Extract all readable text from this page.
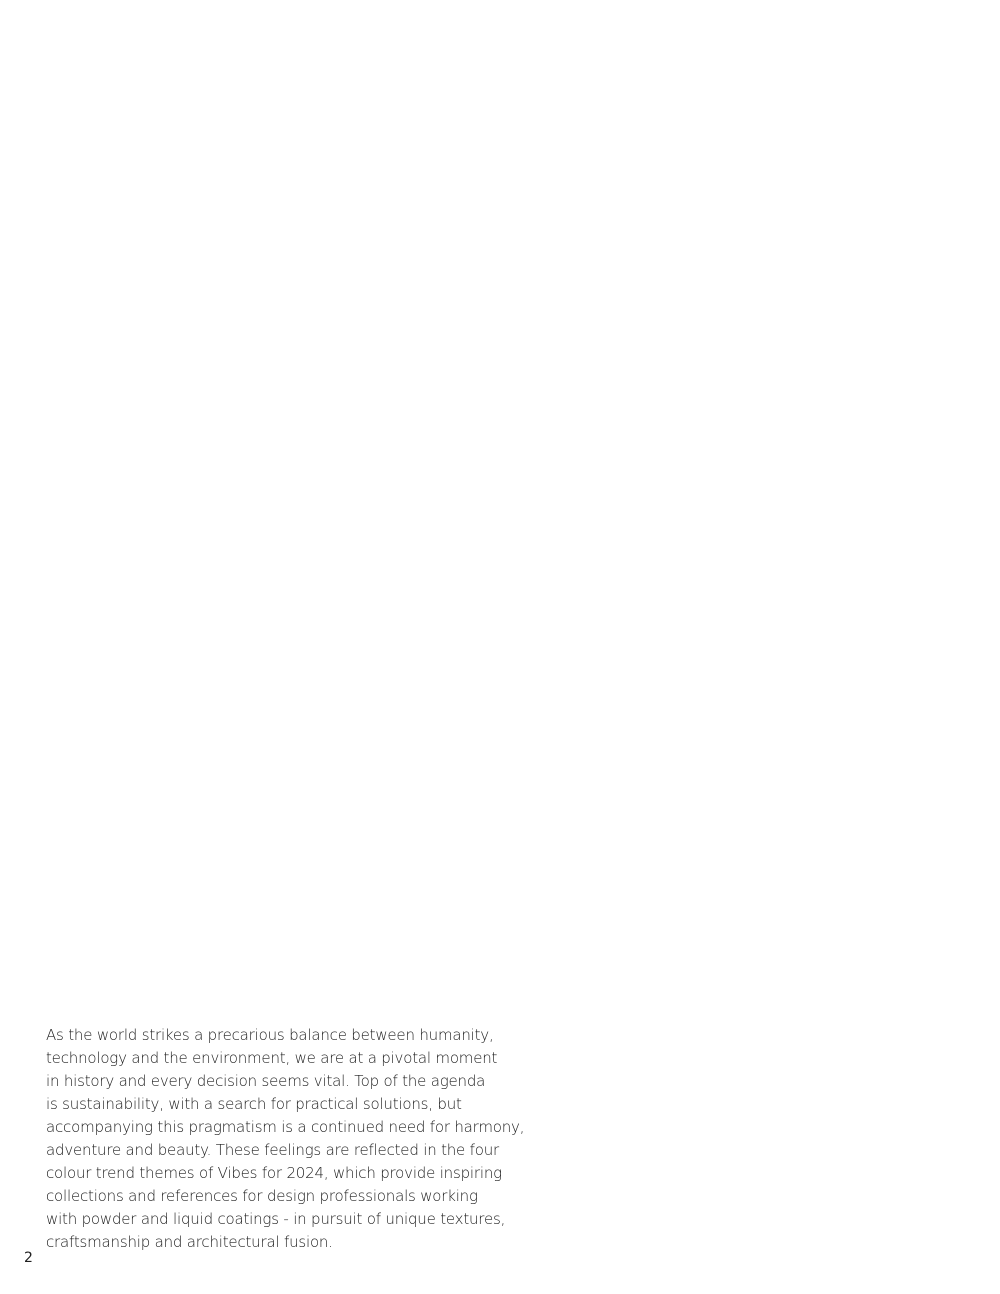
As the world strikes a precarious balance between humanity,
technology and the environment, we are at a pivotal moment
in history and every decision seems vital. Top of the agenda
is sustainability, with a search for practical solutions, but
accompanying this pragmatism is a continued need for harmony,
adventure and beauty. These feelings are reflected in the four
colour trend themes of Vibes for 2024, which provide inspiring
collections and references for design professionals working
with powder and liquid coatings - in pursuit of unique textures,
craftsmanship and architectural fusion.

2
